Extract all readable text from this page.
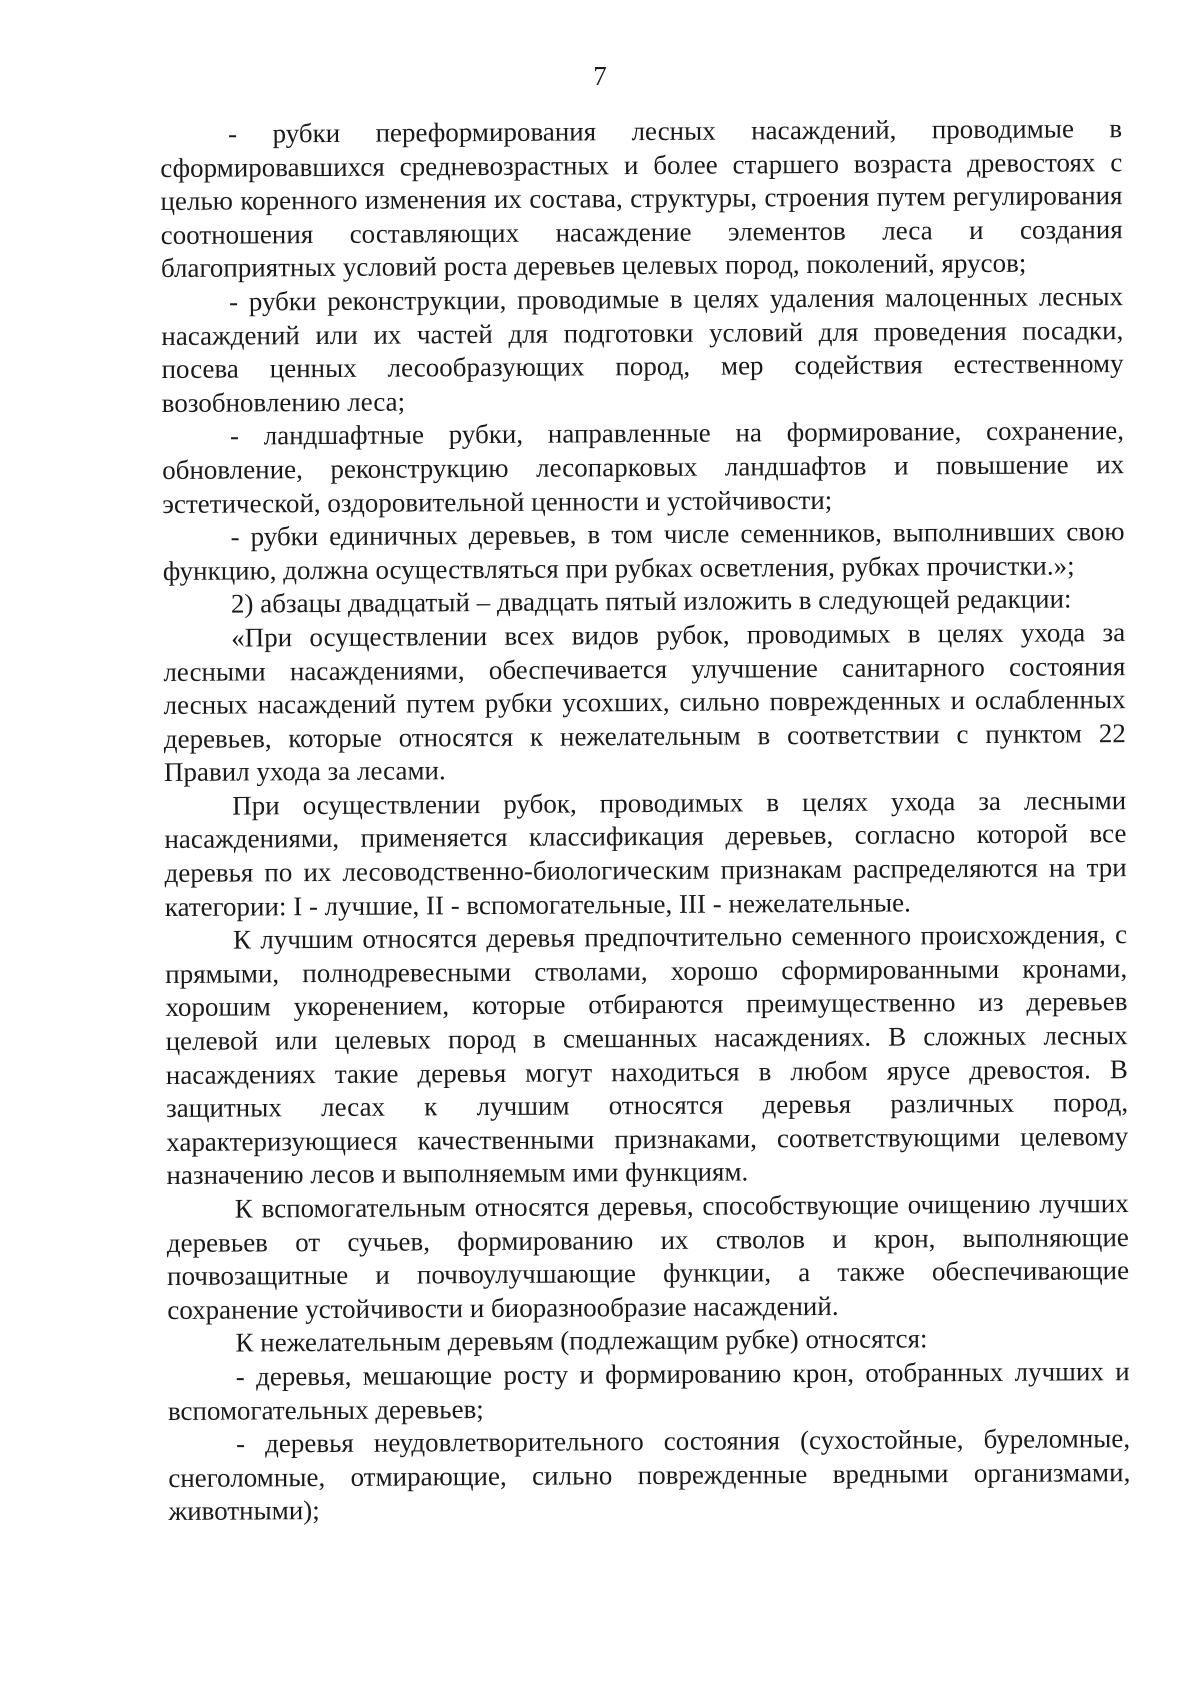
7

- рубки переформирования лесных насаждений, проводимые в сформировавшихся средневозрастных и более старшего возраста древостоях с целью коренного изменения их состава, структуры, строения путем регулирования соотношения составляющих насаждение элементов леса и создания благоприятных условий роста деревьев целевых пород, поколений, ярусов;

- рубки реконструкции, проводимые в целях удаления малоценных лесных насаждений или их частей для подготовки условий для проведения посадки, посева ценных лесообразующих пород, мер содействия естественному возобновлению леса;

- ландшафтные рубки, направленные на формирование, сохранение, обновление, реконструкцию лесопарковых ландшафтов и повышение их эстетической, оздоровительной ценности и устойчивости;

- рубки единичных деревьев, в том числе семенников, выполнивших свою функцию, должна осуществляться при рубках осветления, рубках прочистки.»;

2) абзацы двадцатый – двадцать пятый изложить в следующей редакции:

«При осуществлении всех видов рубок, проводимых в целях ухода за лесными насаждениями, обеспечивается улучшение санитарного состояния лесных насаждений путем рубки усохших, сильно поврежденных и ослабленных деревьев, которые относятся к нежелательным в соответствии с пунктом 22 Правил ухода за лесами.

При осуществлении рубок, проводимых в целях ухода за лесными насаждениями, применяется классификация деревьев, согласно которой все деревья по их лесоводственно-биологическим признакам распределяются на три категории: I - лучшие, II - вспомогательные, III - нежелательные.

К лучшим относятся деревья предпочтительно семенного происхождения, с прямыми, полнодревесными стволами, хорошо сформированными кронами, хорошим укоренением, которые отбираются преимущественно из деревьев целевой или целевых пород в смешанных насаждениях. В сложных лесных насаждениях такие деревья могут находиться в любом ярусе древостоя. В защитных лесах к лучшим относятся деревья различных пород, характеризующиеся качественными признаками, соответствующими целевому назначению лесов и выполняемым ими функциям.

К вспомогательным относятся деревья, способствующие очищению лучших деревьев от сучьев, формированию их стволов и крон, выполняющие почвозащитные и почвоулучшающие функции, а также обеспечивающие сохранение устойчивости и биоразнообразие насаждений.

К нежелательным деревьям (подлежащим рубке) относятся:

- деревья, мешающие росту и формированию крон, отобранных лучших и вспомогательных деревьев;

- деревья неудовлетворительного состояния (сухостойные, буреломные, снеголомные, отмирающие, сильно поврежденные вредными организмами, животными);
